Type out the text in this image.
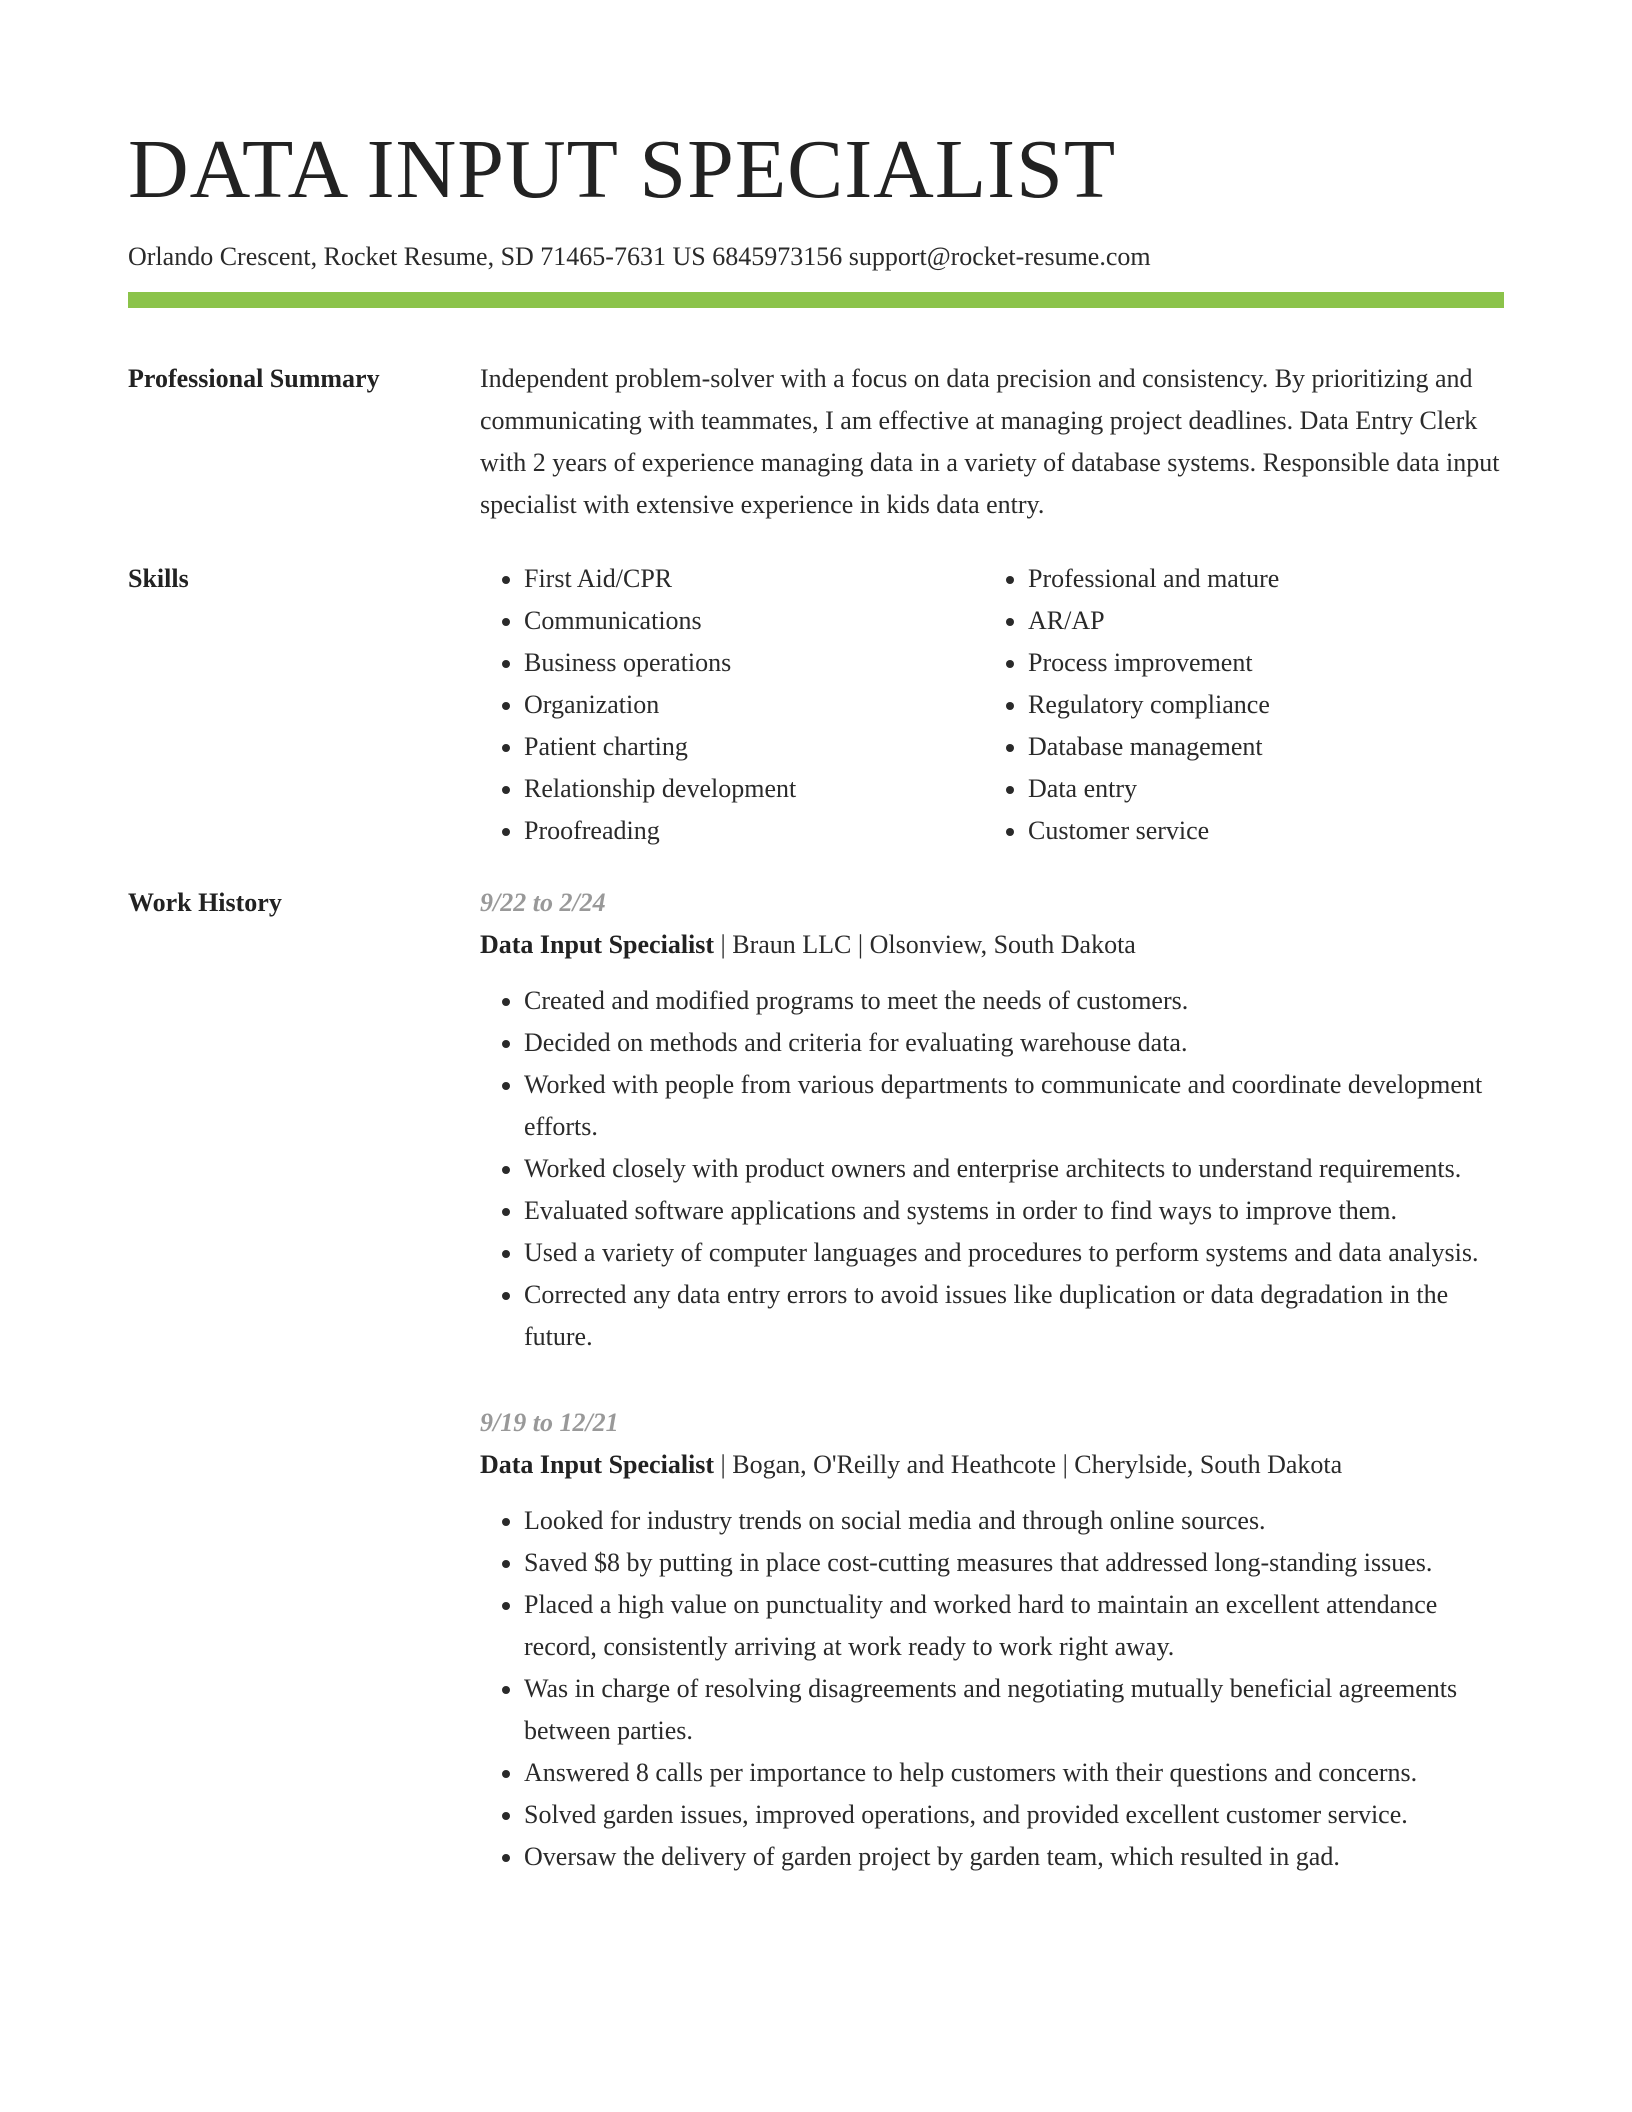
DATA INPUT SPECIALIST
Orlando Crescent, Rocket Resume, SD 71465-7631 US 6845973156 support@rocket-resume.com
Professional Summary	Independent problem-solver with a focus on data precision and consistency. By prioritizing and communicating with teammates, I am effective at managing project deadlines. Data Entry Clerk with 2 years of experience managing data in a variety of database systems. Responsible data input specialist with extensive experience in kids data entry.
Skills
•	First Aid/CPR
• Communications
• Business operations
• Organization
• Patient charting
• Relationship development
• Proofreading
• Professional and mature
• AR/AP
• Process improvement
• Regulatory compliance
• Database management
• Data entry
• Customer service
Work History	9/22 to 2/24
Data Input Specialist | Braun LLC | Olsonview, South Dakota
• Created and modified programs to meet the needs of customers.
• Decided on methods and criteria for evaluating warehouse data.
• Worked with people from various departments to communicate and coordinate development efforts.
• Worked closely with product owners and enterprise architects to understand requirements.
• Evaluated software applications and systems in order to find ways to improve them.
• Used a variety of computer languages and procedures to perform systems and data analysis.
• Corrected any data entry errors to avoid issues like duplication or data degradation in the future.
9/19 to 12/21
Data Input Specialist | Bogan, O'Reilly and Heathcote | Cherylside, South Dakota
• Looked for industry trends on social media and through online sources.
• Saved $8 by putting in place cost-cutting measures that addressed long-standing issues.
• Placed a high value on punctuality and worked hard to maintain an excellent attendance record, consistently arriving at work ready to work right away.
• Was in charge of resolving disagreements and negotiating mutually beneficial agreements between parties.
• Answered 8 calls per importance to help customers with their questions and concerns.
• Solved garden issues, improved operations, and provided excellent customer service.
• Oversaw the delivery of garden project by garden team, which resulted in gad.
